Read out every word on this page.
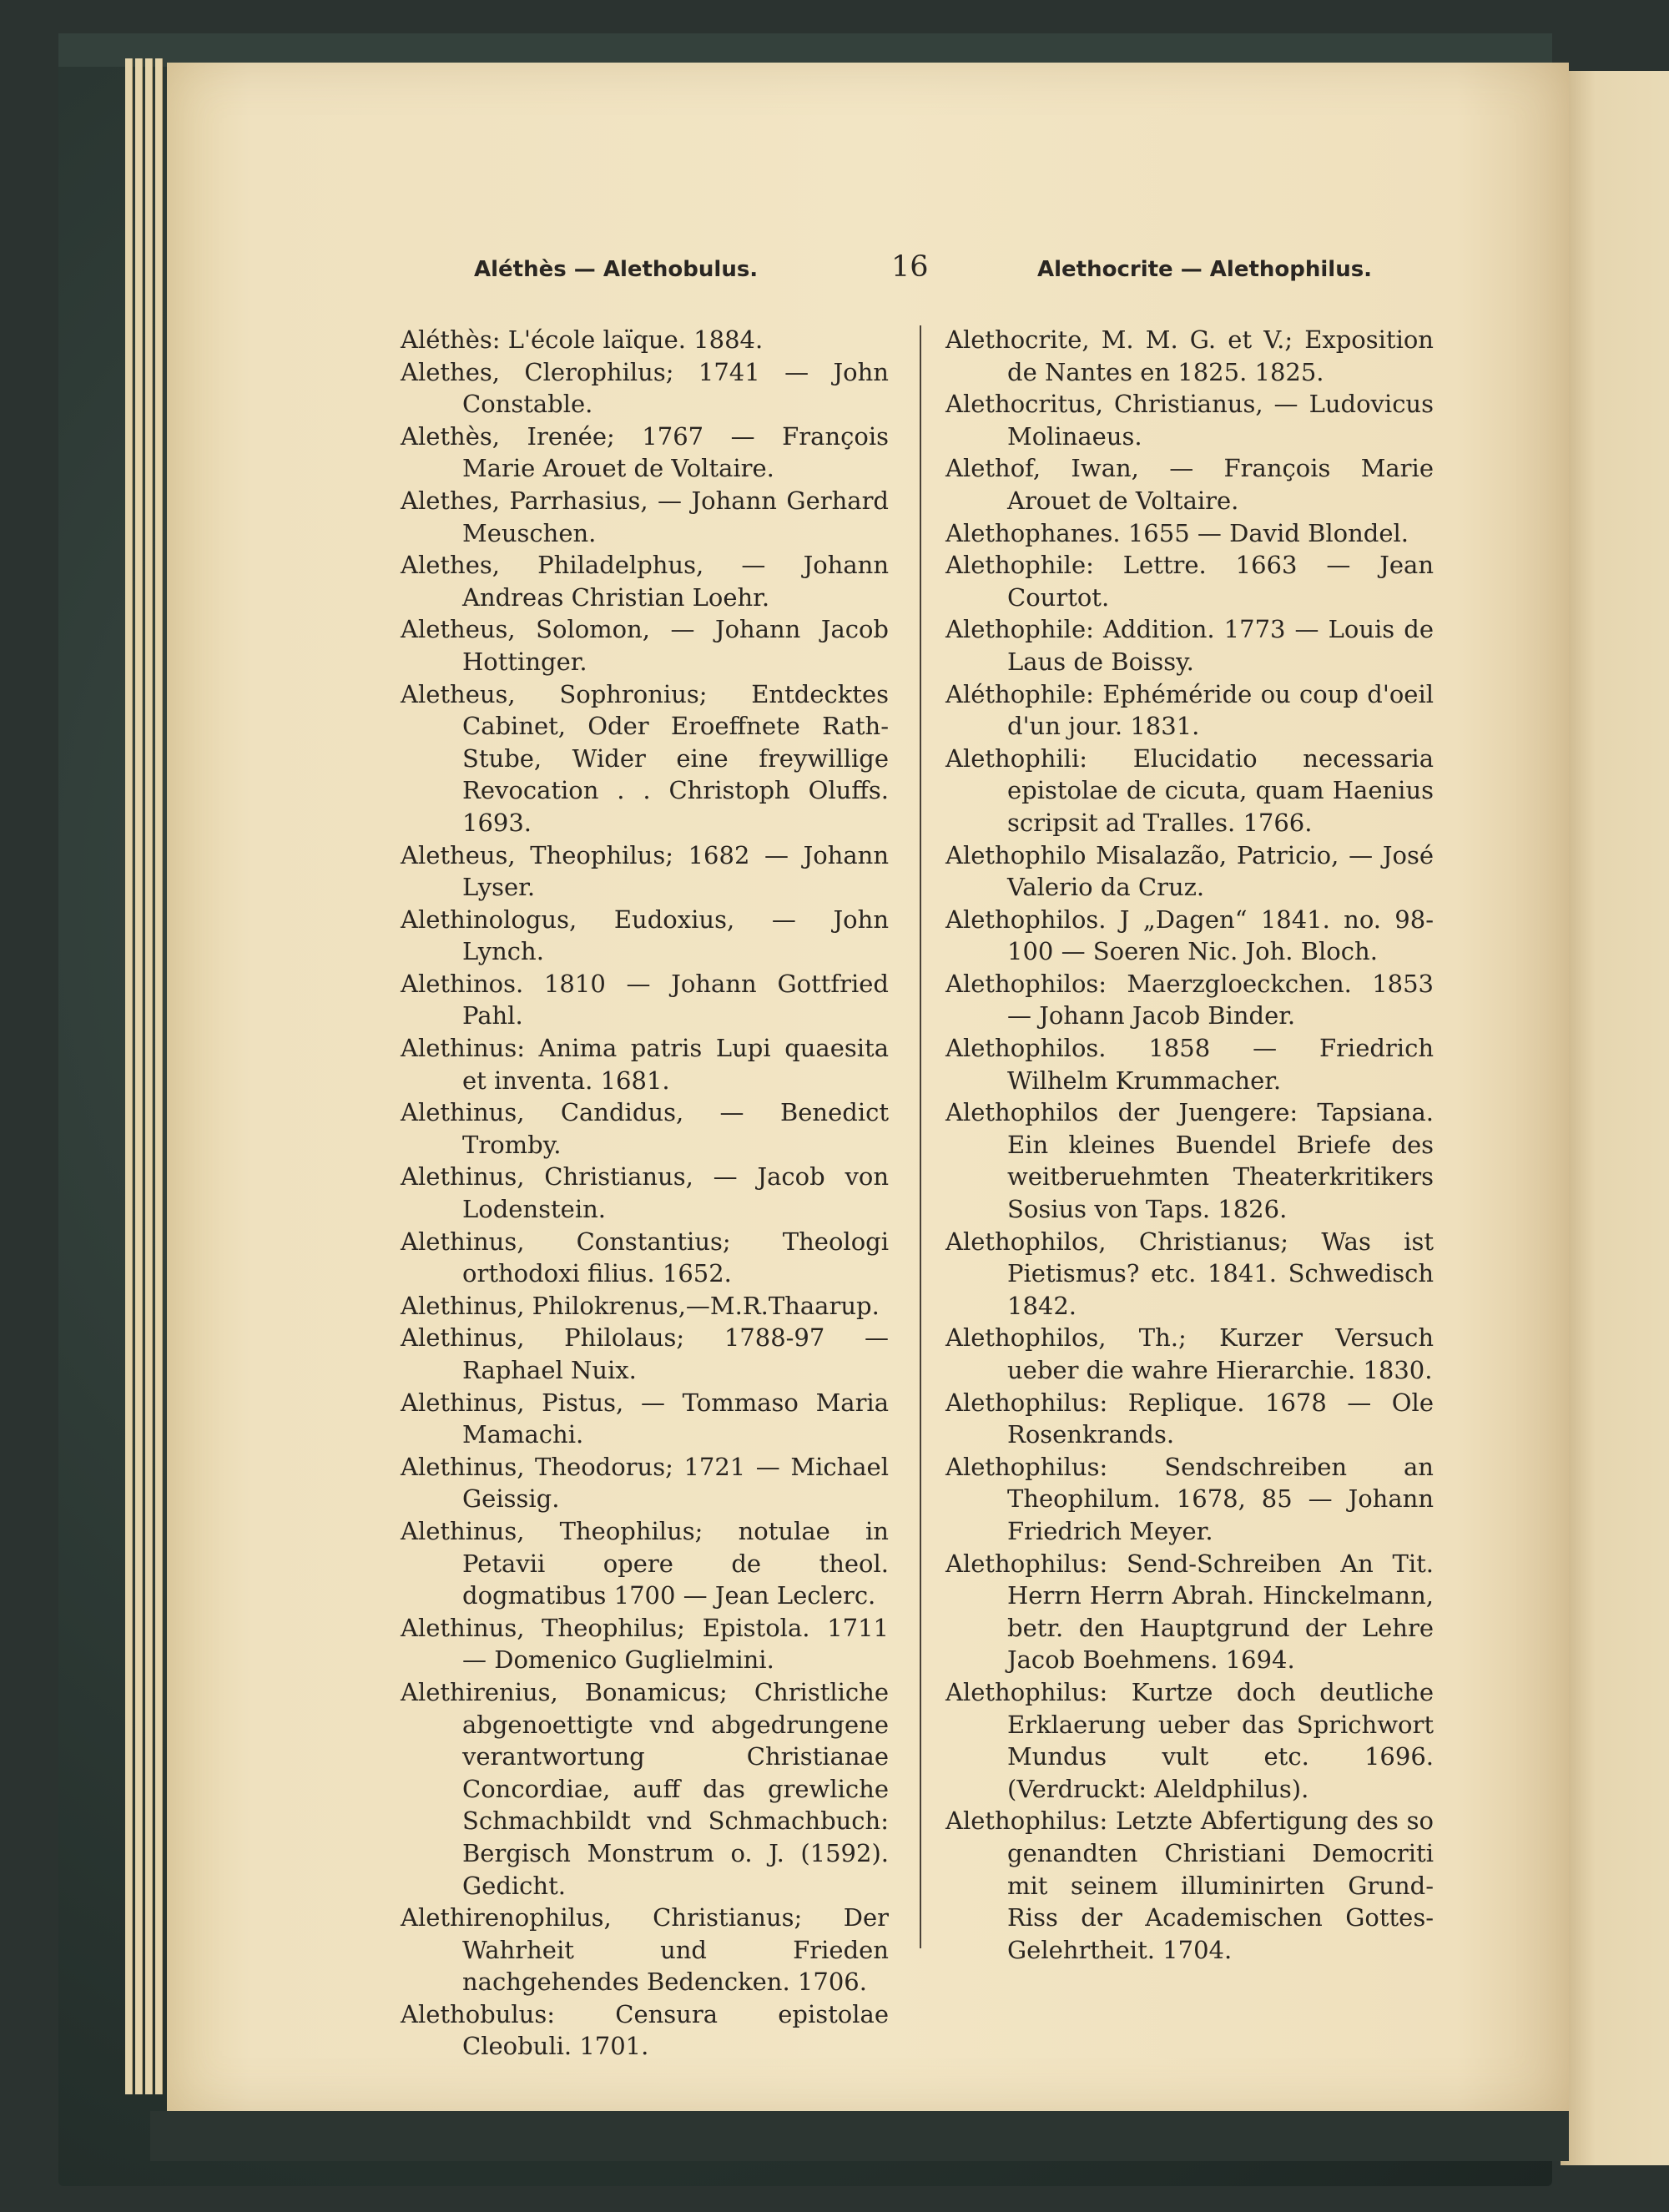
Aléthès — Alethobulus.	16	Alethocrite — Alethophilus.
Aléthès: L'école laïque. 1884.
Alethes, Clerophilus; 1741 — John Constable.
Alethès, Irenée; 1767 — François Marie Arouet de Voltaire.
Alethes, Parrhasius, — Johann Gerhard Meuschen.
Alethes, Philadelphus, — Johann Andreas Christian Loehr.
Aletheus, Solomon, — Johann Jacob Hottinger.
Aletheus, Sophronius; Entdecktes Cabinet, Oder Eroeffnete Rath-Stube, Wider eine freywillige Revocation . . Christoph Oluffs. 1693.
Aletheus, Theophilus; 1682 — Johann Lyser.
Alethinologus, Eudoxius, — John Lynch.
Alethinos. 1810 — Johann Gottfried Pahl.
Alethinus: Anima patris Lupi quaesita et inventa. 1681.
Alethinus, Candidus, — Benedict Tromby.
Alethinus, Christianus, — Jacob von Lodenstein.
Alethinus, Constantius; Theologi orthodoxi filius. 1652.
Alethinus, Philokrenus,—M.R.Thaarup.
Alethinus, Philolaus; 1788-97 — Raphael Nuix.
Alethinus, Pistus, — Tommaso Maria Mamachi.
Alethinus, Theodorus; 1721 — Michael Geissig.
Alethinus, Theophilus; notulae in Petavii opere de theol. dogmatibus 1700 — Jean Leclerc.
Alethinus, Theophilus; Epistola. 1711 — Domenico Guglielmini.
Alethirenius, Bonamicus; Christliche abgenoettigte vnd abgedrungene verantwortung Christianae Concordiae, auff das grewliche Schmachbildt vnd Schmachbuch: Bergisch Monstrum o. J. (1592). Gedicht.
Alethirenophilus, Christianus; Der Wahrheit und Frieden nachgehendes Bedencken. 1706.
Alethobulus: Censura epistolae Cleobuli. 1701.
Alethocrite, M. M. G. et V.; Exposition de Nantes en 1825. 1825.
Alethocritus, Christianus, — Ludovicus Molinaeus.
Alethof, Iwan, — François Marie Arouet de Voltaire.
Alethophanes. 1655 — David Blondel.
Alethophile: Lettre. 1663 — Jean Courtot.
Alethophile: Addition. 1773 — Louis de Laus de Boissy.
Aléthophile: Ephéméride ou coup d'oeil d'un jour. 1831.
Alethophili: Elucidatio necessaria epistolae de cicuta, quam Haenius scripsit ad Tralles. 1766.
Alethophilo Misalazão, Patricio, — José Valerio da Cruz.
Alethophilos. J „Dagen“ 1841. no. 98-100 — Soeren Nic. Joh. Bloch.
Alethophilos: Maerzgloeckchen. 1853 — Johann Jacob Binder.
Alethophilos. 1858 — Friedrich Wilhelm Krummacher.
Alethophilos der Juengere: Tapsiana. Ein kleines Buendel Briefe des weitberuehmten Theaterkritikers Sosius von Taps. 1826.
Alethophilos, Christianus; Was ist Pietismus? etc. 1841. Schwedisch 1842.
Alethophilos, Th.; Kurzer Versuch ueber die wahre Hierarchie. 1830.
Alethophilus: Replique. 1678 — Ole Rosenkrands.
Alethophilus: Sendschreiben an Theophilum. 1678, 85 — Johann Friedrich Meyer.
Alethophilus: Send-Schreiben An Tit. Herrn Herrn Abrah. Hinckelmann, betr. den Hauptgrund der Lehre Jacob Boehmens. 1694.
Alethophilus: Kurtze doch deutliche Erklaerung ueber das Sprichwort Mundus vult etc. 1696. (Verdruckt: Aleldphilus).
Alethophilus: Letzte Abfertigung des so genandten Christiani Democriti mit seinem illuminirten Grund-Riss der Academischen Gottes-Gelehrtheit. 1704.
